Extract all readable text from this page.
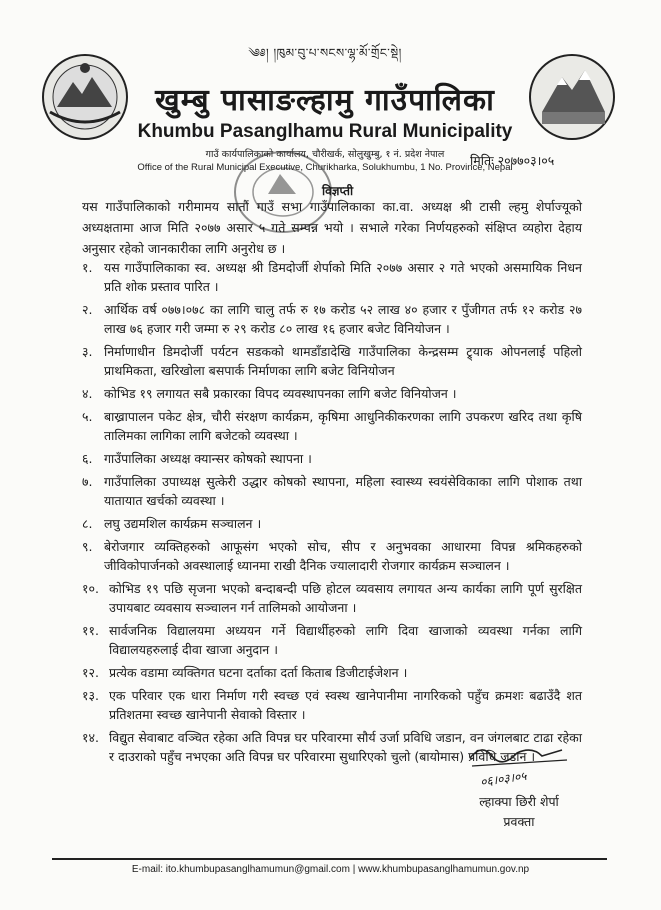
༄༅། །ཁུམ་བུ་པ་སངས་ལྷ་མོ་གྲོང་སྡེ།
खुम्बु पासाङल्हामु गाउँपालिका
Khumbu Pasanglhamu Rural Municipality
गाउँ कार्यपालिकाको कार्यालय, चौरीखर्क, सोलुखुम्बु, १ नं. प्रदेश नेपाल
Office of the Rural Municipal Executive, Churikharka, Solukhumbu, 1 No. Province, Nepal
मितिः २०७७०३।०५
विज्ञप्ती
यस गाउँपालिकाको गरीमामय सातौं गाउँ सभा गाउँपालिकाका का.वा. अध्यक्ष श्री टासी ल्हमु शेर्पाज्यूको अध्यक्षतामा आज मिति २०७७ असार ५ गते सम्पन्न भयो । सभाले गरेका निर्णयहरुको संक्षिप्त व्यहोरा देहाय अनुसार रहेको जानकारीका लागि अनुरोध छ ।
१. यस गाउँपालिकाका स्व. अध्यक्ष श्री डिमदोर्जी शेर्पाको मिति २०७७ असार २ गते भएको असमायिक निधन प्रति शोक प्रस्ताव पारित ।
२. आर्थिक वर्ष ०७७।०७८ का लागि चालु तर्फ रु १७ करोड ५२ लाख ४० हजार र पुँजीगत तर्फ १२ करोड २७ लाख ७६ हजार गरी जम्मा रु २९ करोड ८० लाख १६ हजार बजेट विनियोजन ।
३. निर्माणाधीन डिमदोर्जी पर्यटन सडकको थामडाँडादेखि गाउँपालिका केन्द्रसम्म ट्र्याक ओपनलाई पहिलो प्राथमिकता, खरिखोला बसपार्क निर्माणका लागि बजेट विनियोजन
४. कोभिड १९ लगायत सबै प्रकारका विपद व्यवस्थापनका लागि बजेट विनियोजन ।
५. बाख्रापालन पकेट क्षेत्र, चौरी संरक्षण कार्यक्रम, कृषिमा आधुनिकीकरणका लागि उपकरण खरिद तथा कृषि तालिमका लागिका लागि बजेटको व्यवस्था ।
६. गाउँपालिका अध्यक्ष क्यान्सर कोषको स्थापना ।
७. गाउँपालिका उपाध्यक्ष सुत्केरी उद्धार कोषको स्थापना, महिला स्वास्थ्य स्वयंसेविकाका लागि पोशाक तथा यातायात खर्चको व्यवस्था ।
८. लघु उद्यमशिल कार्यक्रम सञ्चालन ।
९. बेरोजगार व्यक्तिहरुको आफूसंग भएको सोच, सीप र अनुभवका आधारमा विपन्न श्रमिकहरुको जीविकोपार्जनको अवस्थालाई ध्यानमा राखी दैनिक ज्यालादारी रोजगार कार्यक्रम सञ्चालन ।
१०. कोभिड १९ पछि सृजना भएको बन्दाबन्दी पछि होटल व्यवसाय लगायत अन्य कार्यका लागि पूर्ण सुरक्षित उपायबाट व्यवसाय सञ्चालन गर्न तालिमको आयोजना ।
११. सार्वजनिक विद्यालयमा अध्ययन गर्ने विद्यार्थीहरुको लागि दिवा खाजाको व्यवस्था गर्नका लागि विद्यालयहरुलाई दीवा खाजा अनुदान ।
१२. प्रत्येक वडामा व्यक्तिगत घटना दर्ताका दर्ता किताब डिजीटाईजेशन ।
१३. एक परिवार एक धारा निर्माण गरी स्वच्छ एवं स्वस्थ खानेपानीमा नागरिकको पहुँच क्रमशः बढाउँदै शत प्रतिशतमा स्वच्छ खानेपानी सेवाको विस्तार ।
१४. विद्युत सेवाबाट वञ्चित रहेका अति विपन्न घर परिवारमा सौर्य उर्जा प्रविधि जडान, वन जंगलबाट टाढा रहेका र दाउराको पहुँच नभएका अति विपन्न घर परिवारमा सुधारिएको चुलो (बायोमास) प्रविधि जडान ।
०६।०३।०५
ल्हाक्पा छिरी शेर्पा
प्रवक्ता
E-mail: ito.khumbupasanglhamumun@gmail.com | www.khumbupasanglhamumun.gov.np
